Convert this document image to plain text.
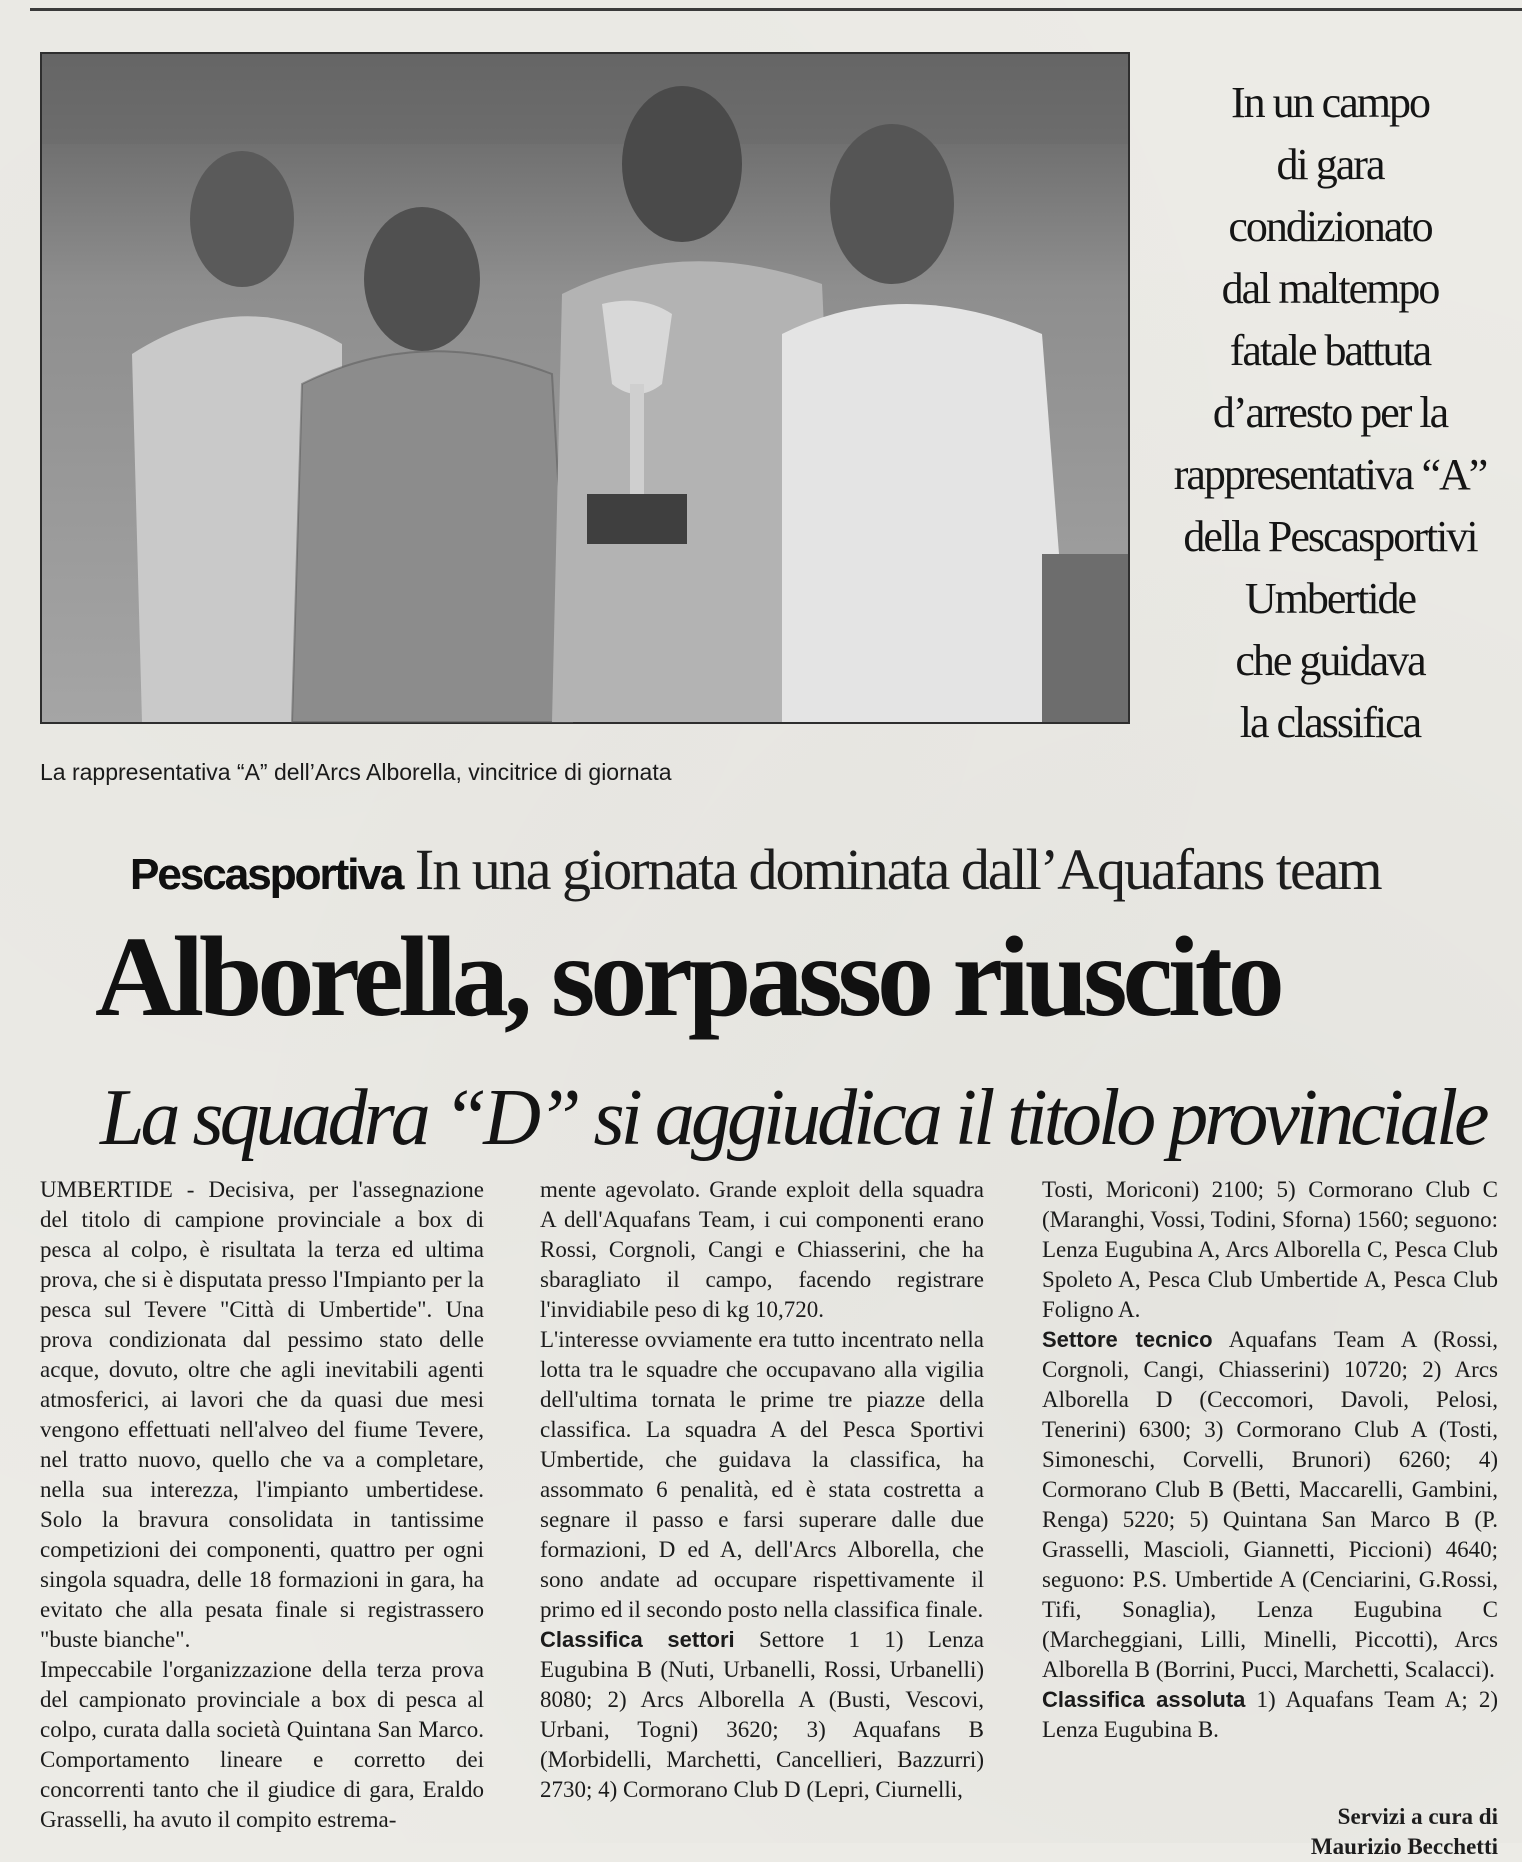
La rappresentativa “A” dell’Arcs Alborella, vincitrice di giornata
In un campo
di gara
condizionato
dal maltempo
fatale battuta
d’arresto per la
rappresentativa “A”
della Pescasportivi
Umbertide
che guidava
la classifica
Pescasportiva In una giornata dominata dall’Aquafans team
Alborella, sorpasso riuscito
La squadra “D” si aggiudica il titolo provinciale

UMBERTIDE - Decisiva, per l'assegnazione del titolo di campione provinciale a box di pesca al colpo, è risultata la terza ed ultima prova, che si è disputata presso l'Impianto per la pesca sul Tevere "Città di Umbertide". Una prova condizionata dal pessimo stato delle acque, dovuto, oltre che agli inevitabili agenti atmosferici, ai lavori che da quasi due mesi vengono effettuati nell'alveo del fiume Tevere, nel tratto nuovo, quello che va a completare, nella sua interezza, l'impianto umbertidese. Solo la bravura consolidata in tantissime competizioni dei componenti, quattro per ogni singola squadra, delle 18 formazioni in gara, ha evitato che alla pesata finale si registrassero "buste bianche".

Impeccabile l'organizzazione della terza prova del campionato provinciale a box di pesca al colpo, curata dalla società Quintana San Marco. Comportamento lineare e corretto dei concorrenti tanto che il giudice di gara, Eraldo Grasselli, ha avuto il compito estrema-

mente agevolato. Grande exploit della squadra A dell'Aquafans Team, i cui componenti erano Rossi, Corgnoli, Cangi e Chiasserini, che ha sbaragliato il campo, facendo registrare l'invidiabile peso di kg 10,720.

L'interesse ovviamente era tutto incentrato nella lotta tra le squadre che occupavano alla vigilia dell'ultima tornata le prime tre piazze della classifica. La squadra A del Pesca Sportivi Umbertide, che guidava la classifica, ha assommato 6 penalità, ed è stata costretta a segnare il passo e farsi superare dalle due formazioni, D ed A, dell'Arcs Alborella, che sono andate ad occupare rispettivamente il primo ed il secondo posto nella classifica finale.

Classifica settori Settore 1 1) Lenza Eugubina B (Nuti, Urbanelli, Rossi, Urbanelli) 8080; 2) Arcs Alborella A (Busti, Vescovi, Urbani, Togni) 3620; 3) Aquafans B (Morbidelli, Marchetti, Cancellieri, Bazzurri) 2730; 4) Cormorano Club D (Lepri, Ciurnelli,

Tosti, Moriconi) 2100; 5) Cormorano Club C (Maranghi, Vossi, Todini, Sforna) 1560; seguono: Lenza Eugubina A, Arcs Alborella C, Pesca Club Spoleto A, Pesca Club Umbertide A, Pesca Club Foligno A.

Settore tecnico Aquafans Team A (Rossi, Corgnoli, Cangi, Chiasserini) 10720; 2) Arcs Alborella D (Ceccomori, Davoli, Pelosi, Tenerini) 6300; 3) Cormorano Club A (Tosti, Simoneschi, Corvelli, Brunori) 6260; 4) Cormorano Club B (Betti, Maccarelli, Gambini, Renga) 5220; 5) Quintana San Marco B (P. Grasselli, Mascioli, Giannetti, Piccioni) 4640; seguono: P.S. Umbertide A (Cenciarini, G.Rossi, Tifi, Sonaglia), Lenza Eugubina C (Marcheggiani, Lilli, Minelli, Piccotti), Arcs Alborella B (Borrini, Pucci, Marchetti, Scalacci).

Classifica assoluta 1) Aquafans Team A; 2) Lenza Eugubina B.

Servizi a cura di
Maurizio Becchetti
